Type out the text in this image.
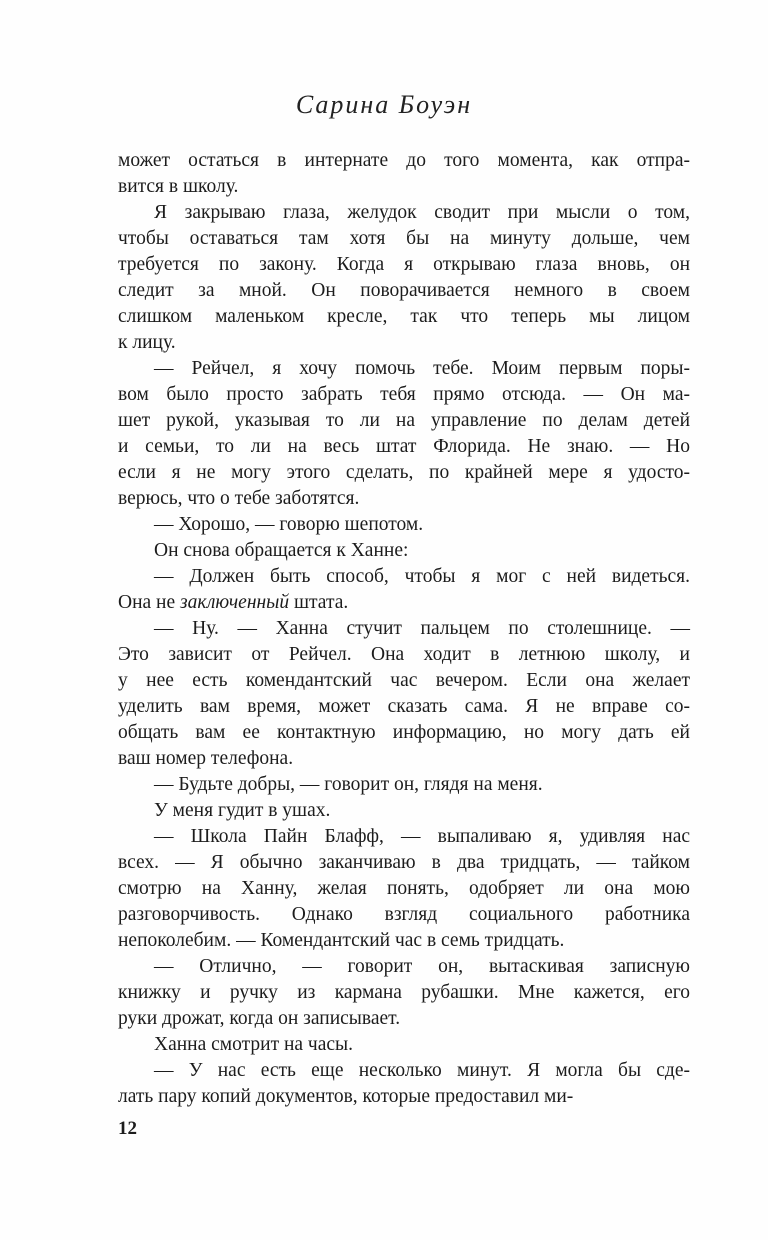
Сарина Боуэн
может остаться в интернате до того момента, как отпра-
вится в школу.
Я закрываю глаза, желудок сводит при мысли о том,
чтобы оставаться там хотя бы на минуту дольше, чем
требуется по закону. Когда я открываю глаза вновь, он
следит за мной. Он поворачивается немного в своем
слишком маленьком кресле, так что теперь мы лицом
к лицу.
— Рейчел, я хочу помочь тебе. Моим первым поры-
вом было просто забрать тебя прямо отсюда. — Он ма-
шет рукой, указывая то ли на управление по делам детей
и семьи, то ли на весь штат Флорида. Не знаю. — Но
если я не могу этого сделать, по крайней мере я удосто-
верюсь, что о тебе заботятся.
— Хорошо, — говорю шепотом.
Он снова обращается к Ханне:
— Должен быть способ, чтобы я мог с ней видеться.
Она не заключенный штата.
— Ну. — Ханна стучит пальцем по столешнице. —
Это зависит от Рейчел. Она ходит в летнюю школу, и
у нее есть комендантский час вечером. Если она желает
уделить вам время, может сказать сама. Я не вправе со-
общать вам ее контактную информацию, но могу дать ей
ваш номер телефона.
— Будьте добры, — говорит он, глядя на меня.
У меня гудит в ушах.
— Школа Пайн Блафф, — выпаливаю я, удивляя нас
всех. — Я обычно заканчиваю в два тридцать, — тайком
смотрю на Ханну, желая понять, одобряет ли она мою
разговорчивость. Однако взгляд социального работника
непоколебим. — Комендантский час в семь тридцать.
— Отлично, — говорит он, вытаскивая записную
книжку и ручку из кармана рубашки. Мне кажется, его
руки дрожат, когда он записывает.
Ханна смотрит на часы.
— У нас есть еще несколько минут. Я могла бы сде-
лать пару копий документов, которые предоставил ми-
12
